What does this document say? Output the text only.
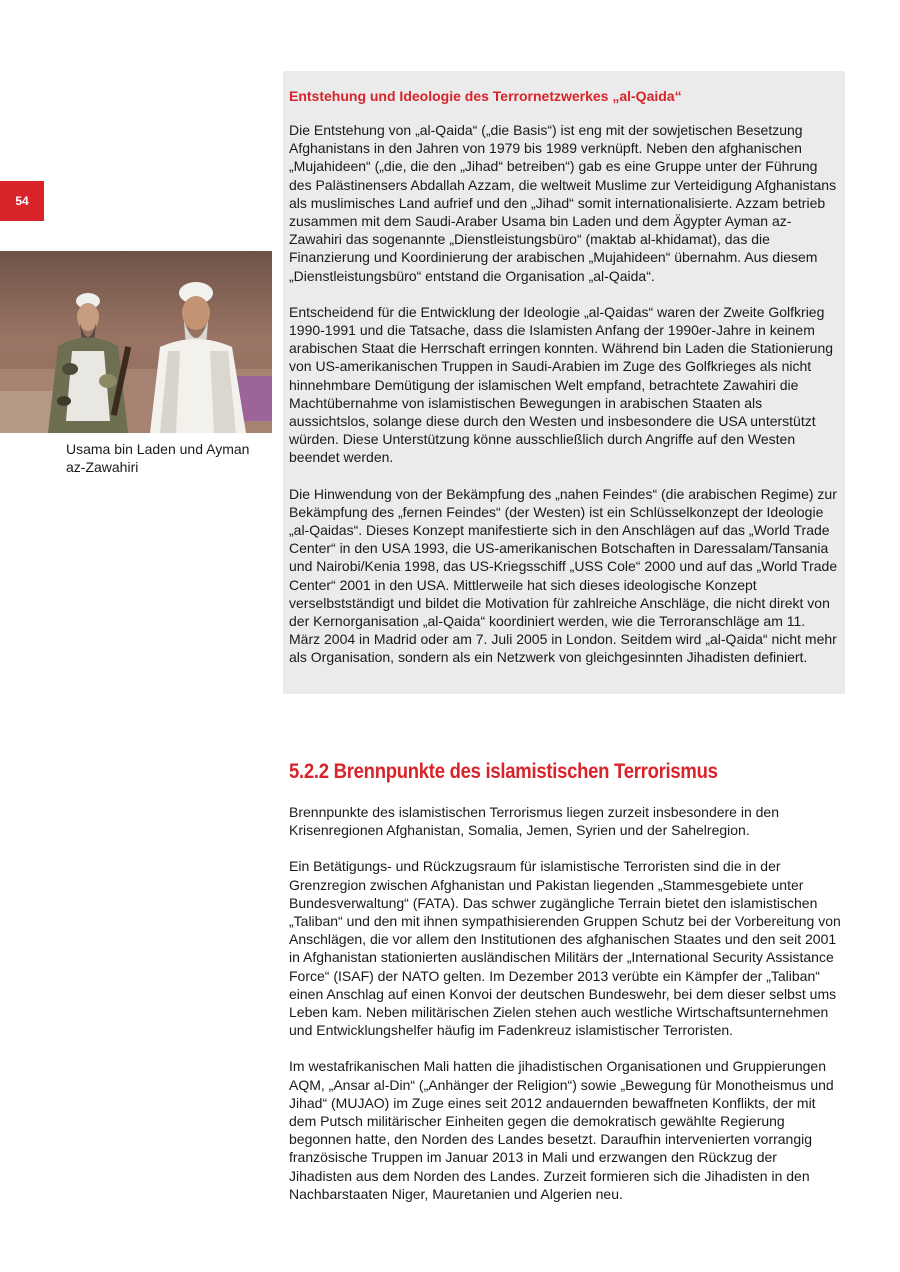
54
Usama bin Laden und Ayman az-Zawahiri
Entstehung und Ideologie des Terrornetzwerkes „al-Qaida“

Die Entstehung von „al-Qaida“ („die Basis“) ist eng mit der sowjetischen Besetzung Afghanistans in den Jahren von 1979 bis 1989 verknüpft. Neben den afghanischen „Mujahideen“ („die, die den „Jihad“ betreiben“) gab es eine Gruppe unter der Führung des Palästinensers Abdallah Azzam, die weltweit Muslime zur Verteidigung Afghanistans als muslimisches Land aufrief und den „Jihad“ somit internationalisierte. Azzam betrieb zusammen mit dem Saudi-Araber Usama bin Laden und dem Ägypter Ayman az-Zawahiri das sogenannte „Dienstleistungsbüro“ (maktab al-khidamat), das die Finanzierung und Koordinierung der arabischen „Mujahideen“ übernahm. Aus diesem „Dienstleistungsbüro“ entstand die Organisation „al-Qaida“.

Entscheidend für die Entwicklung der Ideologie „al-Qaidas“ waren der Zweite Golfkrieg 1990-1991 und die Tatsache, dass die Islamisten Anfang der 1990er-Jahre in keinem arabischen Staat die Herrschaft erringen konnten. Während bin Laden die Stationierung von US-amerikanischen Truppen in Saudi-Arabien im Zuge des Golfkrieges als nicht hinnehmbare Demütigung der islamischen Welt empfand, betrachtete Zawahiri die Machtübernahme von islamistischen Bewegungen in arabischen Staaten als aussichtslos, solange diese durch den Westen und insbesondere die USA unterstützt würden. Diese Unterstützung könne ausschließlich durch Angriffe auf den Westen beendet werden.

Die Hinwendung von der Bekämpfung des „nahen Feindes“ (die arabischen Regime) zur Bekämpfung des „fernen Feindes“ (der Westen) ist ein Schlüsselkonzept der Ideologie „al-Qaidas“. Dieses Konzept manifestierte sich in den Anschlägen auf das „World Trade Center“ in den USA 1993, die US-amerikanischen Botschaften in Daressalam/Tansania und Nairobi/Kenia 1998, das US-Kriegsschiff „USS Cole“ 2000 und auf das „World Trade Center“ 2001 in den USA. Mittlerweile hat sich dieses ideologische Konzept verselbstständigt und bildet die Motivation für zahlreiche Anschläge, die nicht direkt von der Kernorganisation „al-Qaida“ koordiniert werden, wie die Terroranschläge am 11. März 2004 in Madrid oder am 7. Juli 2005 in London. Seitdem wird „al-Qaida“ nicht mehr als Organisation, sondern als ein Netzwerk von gleichgesinnten Jihadisten definiert.

5.2.2 Brennpunkte des islamistischen Terrorismus

Brennpunkte des islamistischen Terrorismus liegen zurzeit insbesondere in den Krisenregionen Afghanistan, Somalia, Jemen, Syrien und der Sahelregion.

Ein Betätigungs- und Rückzugsraum für islamistische Terroristen sind die in der Grenzregion zwischen Afghanistan und Pakistan liegenden „Stammesgebiete unter Bundesverwaltung“ (FATA). Das schwer zugängliche Terrain bietet den islamistischen „Taliban“ und den mit ihnen sympathisierenden Gruppen Schutz bei der Vorbereitung von Anschlägen, die vor allem den Institutionen des afghanischen Staates und den seit 2001 in Afghanistan stationierten ausländischen Militärs der „International Security Assistance Force“ (ISAF) der NATO gelten. Im Dezember 2013 verübte ein Kämpfer der „Taliban“ einen Anschlag auf einen Konvoi der deutschen Bundeswehr, bei dem dieser selbst ums Leben kam. Neben militärischen Zielen stehen auch westliche Wirtschaftsunternehmen und Entwicklungshelfer häufig im Fadenkreuz islamistischer Terroristen.

Im westafrikanischen Mali hatten die jihadistischen Organisationen und Gruppierungen AQM, „Ansar al-Din“ („Anhänger der Religion“) sowie „Bewegung für Monotheismus und Jihad“ (MUJAO) im Zuge eines seit 2012 andauernden bewaffneten Konflikts, der mit dem Putsch militärischer Einheiten gegen die demokratisch gewählte Regierung begonnen hatte, den Norden des Landes besetzt. Daraufhin intervenierten vorrangig französische Truppen im Januar 2013 in Mali und erzwangen den Rückzug der Jihadisten aus dem Norden des Landes. Zurzeit formieren sich die Jihadisten in den Nachbarstaaten Niger, Mauretanien und Algerien neu.
